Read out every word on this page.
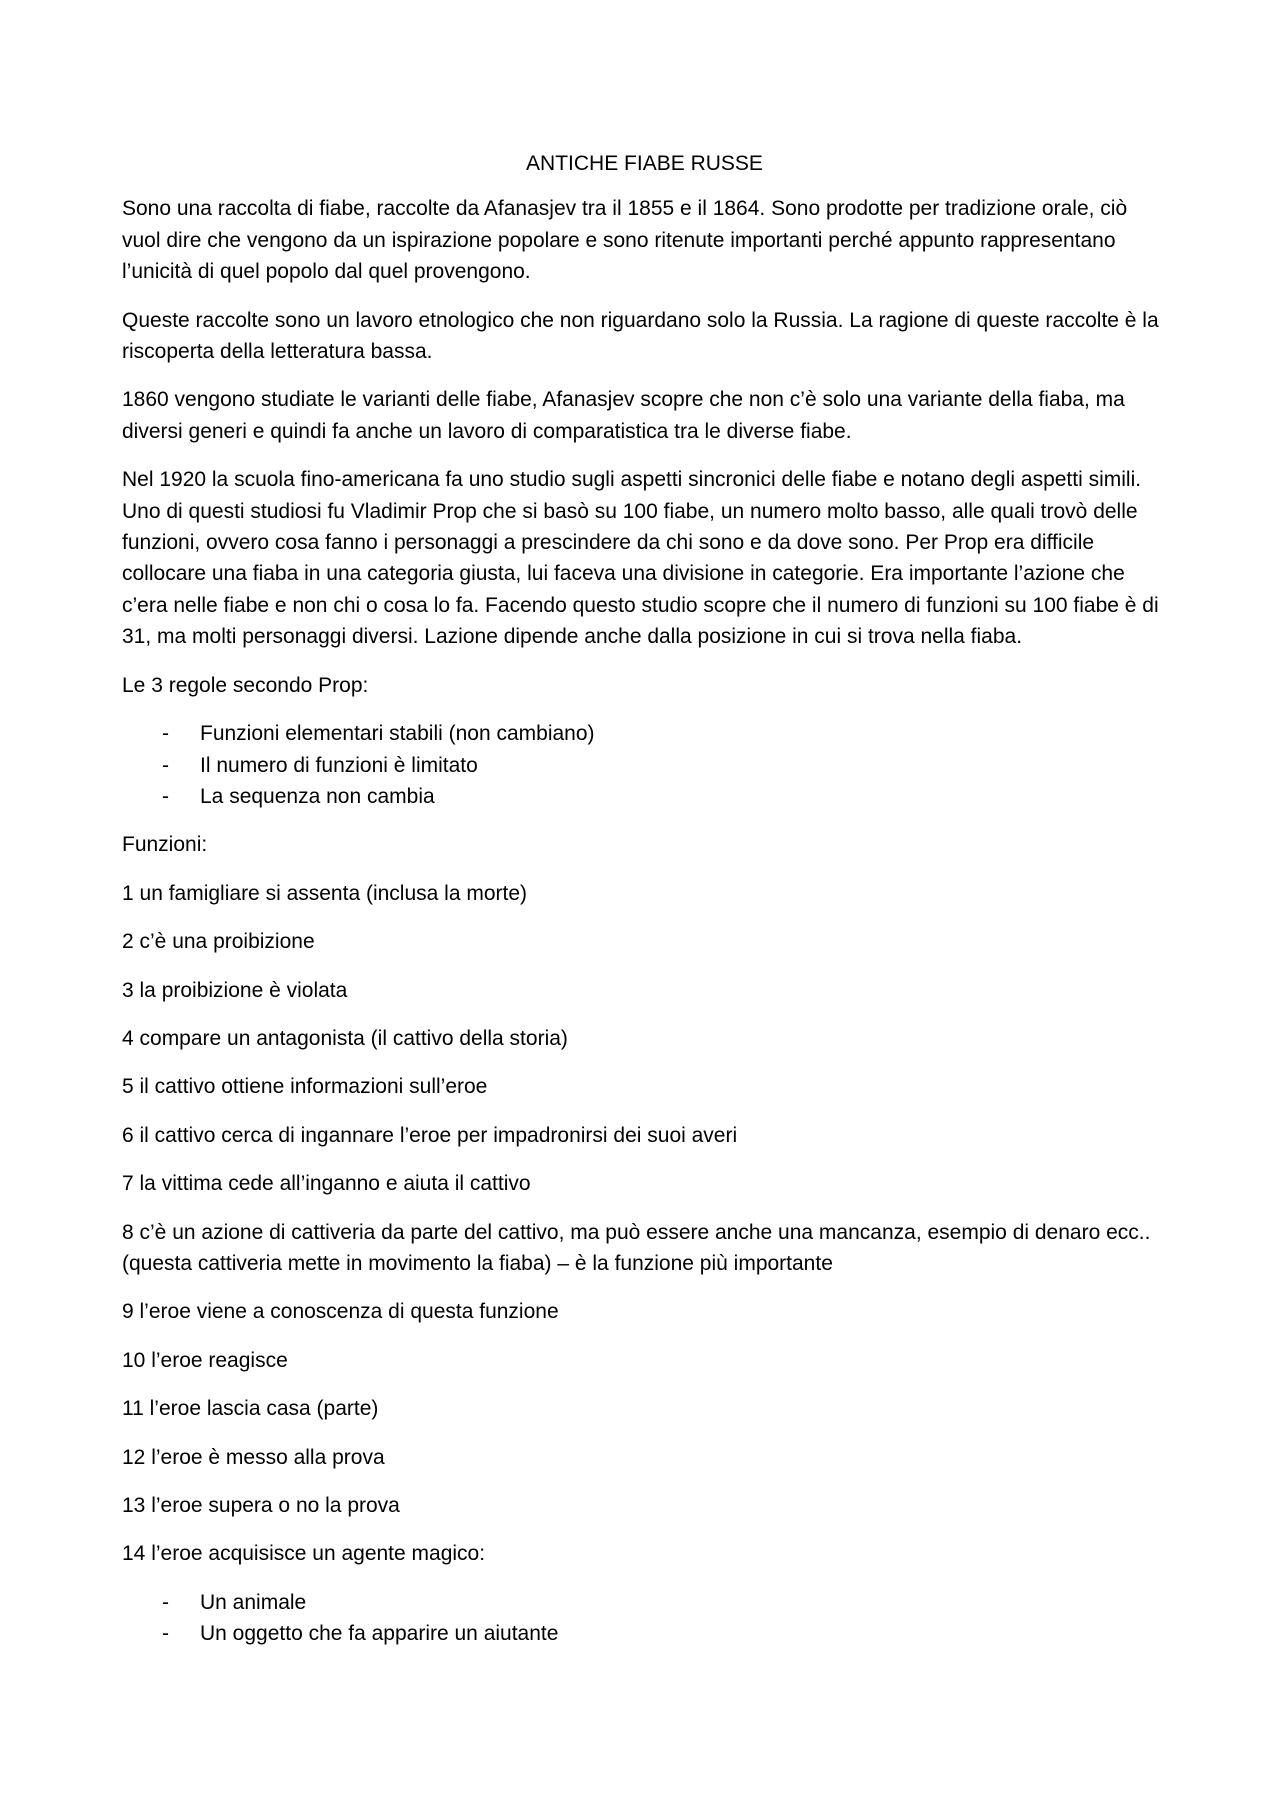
ANTICHE FIABE RUSSE

Sono una raccolta di fiabe, raccolte da Afanasjev tra il 1855 e il 1864. Sono prodotte per tradizione orale, ciò vuol dire che vengono da un ispirazione popolare e sono ritenute importanti perché appunto rappresentano l’unicità di quel popolo dal quel provengono.

Queste raccolte sono un lavoro etnologico che non riguardano solo la Russia. La ragione di queste raccolte è la riscoperta della letteratura bassa.

1860 vengono studiate le varianti delle fiabe, Afanasjev scopre che non c’è solo una variante della fiaba, ma diversi generi e quindi fa anche un lavoro di comparatistica tra le diverse fiabe.

Nel 1920 la scuola fino-americana fa uno studio sugli aspetti sincronici delle fiabe e notano degli aspetti simili. Uno di questi studiosi fu Vladimir Prop che si basò su 100 fiabe, un numero molto basso, alle quali trovò delle funzioni, ovvero cosa fanno i personaggi a prescindere da chi sono e da dove sono. Per Prop era difficile collocare una fiaba in una categoria giusta, lui faceva una divisione in categorie. Era importante l’azione che c’era nelle fiabe e non chi o cosa lo fa. Facendo questo studio scopre che il numero di funzioni su 100 fiabe è di 31, ma molti personaggi diversi. Lazione dipende anche dalla posizione in cui si trova nella fiaba.

Le 3 regole secondo Prop:

- Funzioni elementari stabili (non cambiano)
- Il numero di funzioni è limitato
- La sequenza non cambia

Funzioni:

1 un famigliare si assenta (inclusa la morte)

2 c’è una proibizione

3 la proibizione è violata

4 compare un antagonista (il cattivo della storia)

5 il cattivo ottiene informazioni sull’eroe

6 il cattivo cerca di ingannare l’eroe per impadronirsi dei suoi averi

7 la vittima cede all’inganno e aiuta il cattivo

8 c’è un azione di cattiveria da parte del cattivo, ma può essere anche una mancanza, esempio di denaro ecc.. (questa cattiveria mette in movimento la fiaba) – è la funzione più importante

9 l’eroe viene a conoscenza di questa funzione

10 l’eroe reagisce

11 l’eroe lascia casa (parte)

12 l’eroe è messo alla prova

13 l’eroe supera o no la prova

14 l’eroe acquisisce un agente magico:

- Un animale
- Un oggetto che fa apparire un aiutante
